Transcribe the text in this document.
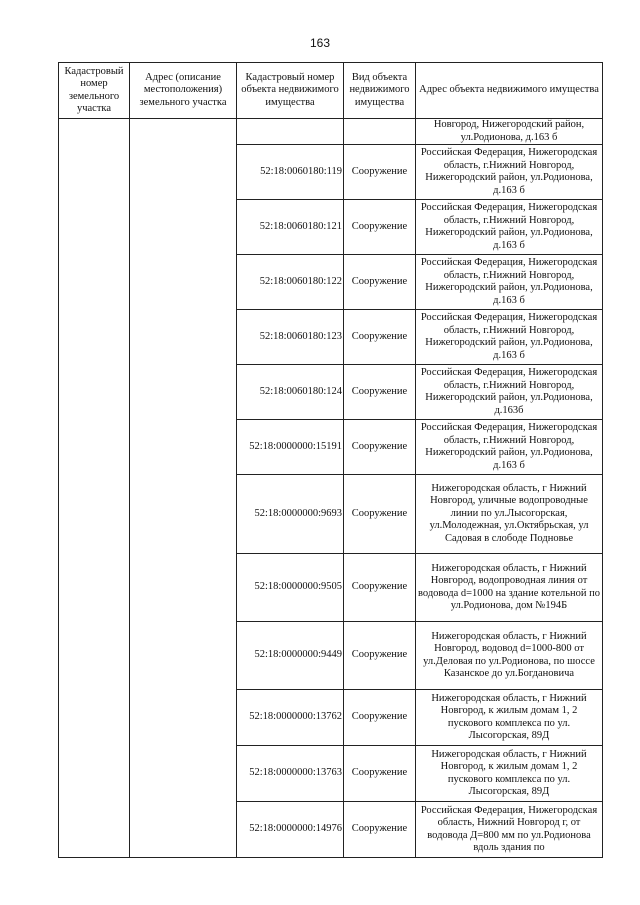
163
Кадастровый номер земельного участка	Адрес (описание местоположения) земельного участка	Кадастровый номер объекта недвижимого имущества	Вид объекта недвижимого имущества	Адрес объекта недвижимого имущества
				Новгород, Нижегородский район, ул.Родионова, д.163 б
		52:18:0060180:119	Сооружение	Российская Федерация, Нижегородская область, г.Нижний Новгород, Нижегородский район, ул.Родионова, д.163 б
		52:18:0060180:121	Сооружение	Российская Федерация, Нижегородская область, г.Нижний Новгород, Нижегородский район, ул.Родионова, д.163 б
		52:18:0060180:122	Сооружение	Российская Федерация, Нижегородская область, г.Нижний Новгород, Нижегородский район, ул.Родионова, д.163 б
		52:18:0060180:123	Сооружение	Российская Федерация, Нижегородская область, г.Нижний Новгород, Нижегородский район, ул.Родионова, д.163 б
		52:18:0060180:124	Сооружение	Российская Федерация, Нижегородская область, г.Нижний Новгород, Нижегородский район, ул.Родионова, д.163б
		52:18:0000000:15191	Сооружение	Российская Федерация, Нижегородская область, г.Нижний Новгород, Нижегородский район, ул.Родионова, д.163 б
		52:18:0000000:9693	Сооружение	Нижегородская область, г Нижний Новгород, уличные водопроводные линии по ул.Лысогорская, ул.Молодежная, ул.Октябрьская, ул Садовая в слободе Подновье
		52:18:0000000:9505	Сооружение	Нижегородская область, г Нижний Новгород, водопроводная линия от водовода d=1000 на здание котельной по ул.Родионова, дом №194Б
		52:18:0000000:9449	Сооружение	Нижегородская область, г Нижний Новгород, водовод d=1000-800 от ул.Деловая по ул.Родионова, по шоссе Казанское до ул.Богдановича
		52:18:0000000:13762	Сооружение	Нижегородская область, г Нижний Новгород, к жилым домам 1, 2 пускового комплекса по ул. Лысогорская, 89Д
		52:18:0000000:13763	Сооружение	Нижегородская область, г Нижний Новгород, к жилым домам 1, 2 пускового комплекса по ул. Лысогорская, 89Д
		52:18:0000000:14976	Сооружение	Российская Федерация, Нижегородская область, Нижний Новгород г, от водовода Д=800 мм по ул.Родионова вдоль здания по
